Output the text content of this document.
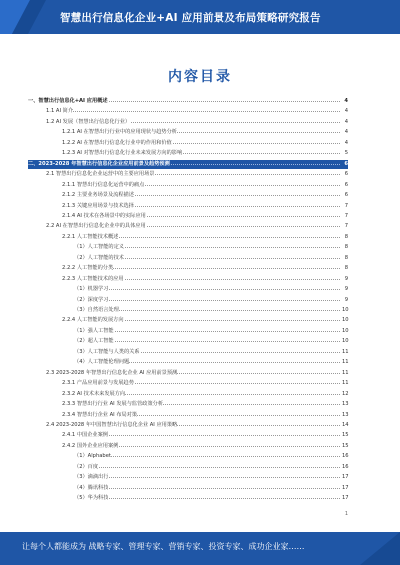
智慧出行信息化企业+AI 应用前景及布局策略研究报告
内容目录
一、智慧出行信息化+AI 应用概述	4
1.1 AI 简介	4
1.2 AI 发展（智慧出行信息化行业）	4
1.2.1 AI 在智慧出行行业中的应用现状与趋势分析	4
1.2.2 AI 在智慧出行信息化行业中的作用和价值	4
1.2.3 AI 对智慧出行信息化行业未来发展方向的影响	5
二、2023-2028 年智慧出行信息化企业应用前景及趋势预测	6
2.1 智慧出行信息化企业运营中的主要应用场景	6
2.1.1 智慧出行信息化运营中的痛点	6
2.1.2 主要业务场景及流程描述	6
2.1.3 关键应用场景与技术选择	7
2.1.4 AI 技术在各场景中的实际应用	7
2.2 AI 在智慧出行信息化企业中的具体应用	7
2.2.1 人工智能技术概述	8
（1）人工智能的定义	8
（2）人工智能的技术	8
2.2.2 人工智能的分类	8
2.2.3 人工智能技术的应用	9
（1）机器学习	9
（2）深度学习	9
（3）自然语言处理	10
2.2.4 人工智能的发展方向	10
（1）强人工智能	10
（2）超人工智能	10
（3）人工智能与人类的关系	11
（4）人工智能伦理问题	11
2.3 2023-2028 年智慧出行信息化企业 AI 应用前景预测	11
2.3.1 产品应用前景与发展趋势	11
2.3.2 AI 技术未来发展方向	12
2.3.3 智慧出行行业 AI 发展与监管政策分析	13
2.3.4 智慧出行企业 AI 布局对策	13
2.4 2023-2028 年中国智慧出行信息化企业 AI 应用策略	14
2.4.1 中国企业案例	15
2.4.2 国外企业应用案例	15
（1）Alphabet	16
（2）百度	16
（3）滴滴出行	17
（4）腾讯科技	17
（5）华为科技	17
1
让每个人都能成为 战略专家、管理专家、营销专家、投资专家、成功企业家……
